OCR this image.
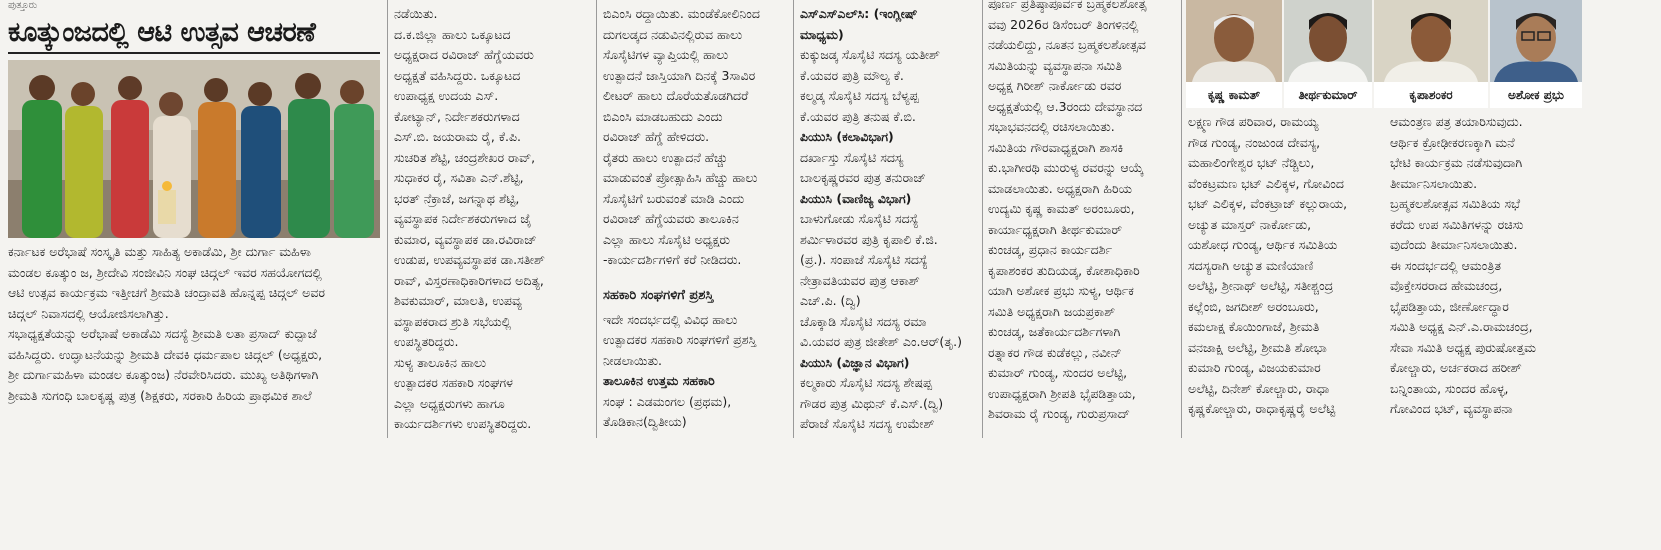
ಪುತ್ತೂರು
ಕೂತ್ಕುಂಜದಲ್ಲಿ ಆಟಿ ಉತ್ಸವ ಆಚರಣೆ

ಕರ್ನಾಟಕ ಅರೆಭಾಷೆ ಸಂಸ್ಕೃತಿ ಮತ್ತು ಸಾಹಿತ್ಯ ಅಕಾಡೆಮಿ, ಶ್ರೀ ದುರ್ಗಾ ಮಹಿಳಾ

ಮಂಡಲ ಕೂತ್ಕುಂ ಜ, ಶ್ರೀದೇವಿ ಸಂಜೀವಿನಿ ಸಂಘ ಚಿದ್ಗಲ್ ಇವರ ಸಹಯೋಗದಲ್ಲಿ

ಆಟಿ ಉತ್ಸವ ಕಾರ್ಯಕ್ರಮ ಇತ್ತೀಚಗೆ ಶ್ರೀಮತಿ ಚಂದ್ರಾವತಿ ಹೊನ್ನಪ್ಪ ಚಿದ್ಗಲ್ ಅವರ

ಚಿದ್ಗಲ್ ನಿವಾಸದಲ್ಲಿ ಆಯೋಜಿಸಲಾಗಿತ್ತು.

ಸಭಾಧ್ಯಕ್ಷತೆಯನ್ನು ಅರೆಭಾಷೆ ಅಕಾಡೆಮಿ ಸದಸ್ಯೆ ಶ್ರೀಮತಿ ಲತಾ ಪ್ರಸಾದ್ ಕುದ್ಪಾಜೆ

ವಹಿಸಿದ್ದರು. ಉದ್ಘಾಟನೆಯನ್ನು ಶ್ರೀಮತಿ ದೇವಕಿ ಧರ್ಮಪಾಲ ಚಿದ್ಗಲ್ (ಅಧ್ಯಕ್ಷರು,

ಶ್ರೀ ದುರ್ಗಾಮಹಿಳಾ ಮಂಡಲ ಕೂತ್ಕುಂಜ) ನೆರವೇರಿಸಿದರು. ಮುಖ್ಯ ಅತಿಥಿಗಳಾಗಿ

ಶ್ರೀಮತಿ ಸುಗಂಧಿ ಬಾಲಕೃಷ್ಣ ಪುತ್ರ (ಶಿಕ್ಷಕರು, ಸರಕಾರಿ ಹಿರಿಯ ಪ್ರಾಥಮಿಕ ಶಾಲೆ

ನಡೆಯಿತು.

ದ.ಕ.ಜಿಲ್ಲಾ ಹಾಲು ಒಕ್ಕೂಟದ

ಅಧ್ಯಕ್ಷರಾದ ರವಿರಾಜ್ ಹೆಗ್ಡೆಯವರು

ಅಧ್ಯಕ್ಷತೆ ವಹಿಸಿದ್ದರು. ಒಕ್ಕೂಟದ

ಉಪಾಧ್ಯಕ್ಷ ಉದಯ ಎಸ್.

ಕೋಟ್ಯಾನ್, ನಿರ್ದೇಶಕರುಗಳಾದ

ಎಸ್.ಬಿ. ಜಯರಾಮ ರೈ, ಕೆ.ಪಿ.

ಸುಚರಿತ ಶೆಟ್ಟಿ, ಚಂದ್ರಶೇಖರ ರಾವ್,

ಸುಧಾಕರ ರೈ, ಸವಿತಾ ಎನ್.ಶೆಟ್ಟಿ,

ಭರತ್ ನೆಕ್ರಾಜೆ, ಜಗನ್ನಾಥ ಶೆಟ್ಟಿ,

ವ್ಯವಸ್ಥಾಪಕ ನಿರ್ದೇಶಕರುಗಳಾದ ಜೈ

ಕುಮಾರ, ವ್ಯವಸ್ಥಾಪಕ ಡಾ.ರವಿರಾಜ್

ಉಡುಪ, ಉಪವ್ಯವಸ್ಥಾಪಕ ಡಾ.ಸತೀಶ್

ರಾವ್, ವಿಸ್ತರಣಾಧಿಕಾರಿಗಳಾದ ಅದಿತ್ಯ,

ಶಿವಕುಮಾರ್, ಮಾಲತಿ, ಉಪವ್ಯ

ವಸ್ಥಾಪಕರಾದ ಶ್ರುತಿ ಸಭೆಯಲ್ಲಿ

ಉಪಸ್ಥಿತರಿದ್ದರು.

ಸುಳ್ಯ ತಾಲೂಕಿನ ಹಾಲು

ಉತ್ಪಾದಕರ ಸಹಕಾರಿ ಸಂಘಗಳ

ಎಲ್ಲಾ ಅಧ್ಯಕ್ಷರುಗಳು ಹಾಗೂ

ಕಾರ್ಯದರ್ಶಿಗಳು ಉಪಸ್ಥಿತರಿದ್ದರು.

ಬಿಎಂಸಿ ರದ್ದಾಯಿತು. ಮಂಡೆಕೋಲಿನಿಂದ

ದುಗಲಡ್ಕದ ನಡುವಿನಲ್ಲಿರುವ ಹಾಲು

ಸೊಸೈಟಿಗಳ ವ್ಯಾಪ್ತಿಯಲ್ಲಿ ಹಾಲು

ಉತ್ಪಾದನೆ ಜಾಸ್ತಿಯಾಗಿ ದಿನಕ್ಕೆ 3ಸಾವಿರ

ಲೀಟರ್ ಹಾಲು ದೊರೆಯತೊಡಗಿದರೆ

ಬಿಎಂಸಿ ಮಾಡಬಹುದು ಎಂದು

ರವಿರಾಜ್ ಹೆಗ್ಡೆ ಹೇಳಿದರು.

ರೈತರು ಹಾಲು ಉತ್ಪಾದನೆ ಹೆಚ್ಚು

ಮಾಡುವಂತೆ ಪ್ರೋತ್ಸಾಹಿಸಿ ಹೆಚ್ಚು ಹಾಲು

ಸೊಸೈಟಿಗೆ ಬರುವಂತೆ ಮಾಡಿ ಎಂದು

ರವಿರಾಜ್ ಹೆಗ್ಡೆಯವರು ತಾಲೂಕಿನ

ಎಲ್ಲಾ ಹಾಲು ಸೊಸೈಟಿ ಅಧ್ಯಕ್ಷರು

-ಕಾರ್ಯದರ್ಶಿಗಳಿಗೆ ಕರೆ ನೀಡಿದರು.

ಸಹಕಾರಿ ಸಂಘಗಳಿಗೆ ಪ್ರಶಸ್ತಿ

ಇದೇ ಸಂದರ್ಭದಲ್ಲಿ ವಿವಿಧ ಹಾಲು

ಉತ್ಪಾದಕರ ಸಹಕಾರಿ ಸಂಘಗಳಿಗೆ ಪ್ರಶಸ್ತಿ

ನೀಡಲಾಯಿತು.

ತಾಲೂಕಿನ ಉತ್ತಮ ಸಹಕಾರಿ

ಸಂಘ : ಎಡಮಂಗಲ (ಪ್ರಥಮ),

ತೊಡಿಕಾನ(ದ್ವಿತೀಯ)

ಎಸ್‌ಎಸ್‌ಎಲ್‌ಸಿ: (ಇಂಗ್ಲೀಷ್

ಮಾಧ್ಯಮ)

ಕುಕ್ಕುಜಡ್ಕ ಸೊಸೈಟಿ ಸದಸ್ಯ ಯತೀಶ್

ಕೆ.ಯವರ ಪುತ್ರಿ ಮೌಲ್ಯ ಕೆ.

ಕಲ್ಮಡ್ಕ ಸೊಸೈಟಿ ಸದಸ್ಯ ಬೆಳ್ಯಪ್ಪ

ಕೆ.ಯವರ ಪುತ್ರಿ ತನುಷ ಕೆ.ಬಿ.

ಪಿಯುಸಿ (ಕಲಾವಿಭಾಗ)

ದರ್ಖಾಸ್ತು ಸೊಸೈಟಿ ಸದಸ್ಯ

ಬಾಲಕೃಷ್ಣರವರ ಪುತ್ರ ತನುರಾಜ್

ಪಿಯುಸಿ (ವಾಣಿಜ್ಯ ವಿಭಾಗ)

ಬಾಳುಗೋಡು ಸೊಸೈಟಿ ಸದಸ್ಯೆ

ಶರ್ಮಿಳಾರವರ ಪುತ್ರಿ ಕೃಪಾಲಿ ಕೆ.ಜಿ.

(ಪ್ರ.). ಸಂಪಾಜೆ ಸೊಸೈಟಿ ಸದಸ್ಯೆ

ನೇತ್ರಾವತಿಯವರ ಪುತ್ರ ಆಕಾಶ್

ಎಚ್.ಪಿ. (ದ್ವಿ)

ಚೊಕ್ಕಾಡಿ ಸೊಸೈಟಿ ಸದಸ್ಯ ರಮಾ

ವಿ.ಯವರ ಪುತ್ರ ಜೀತೇಶ್ ಎಂ.ಆರ್(ತೃ.)

ಪಿಯುಸಿ (ವಿಜ್ಞಾನ ವಿಭಾಗ)

ಕಲ್ಮಕಾರು ಸೊಸೈಟಿ ಸದಸ್ಯ ಶೇಷಪ್ಪ

ಗೌಡರ ಪುತ್ರ ಮಿಥುನ್ ಕೆ.ಎಸ್.(ದ್ವಿ)

ಪೆರಾಜೆ ಸೊಸೈಟಿ ಸದಸ್ಯ ಉಮೇಶ್

ಪೂರ್ಣ ಪ್ರತಿಷ್ಠಾಪೂರ್ವಕ ಬ್ರಹ್ಮಕಲಶೋತ್ಸ

ವವು 2026ರ ಡಿಸೆಂಬರ್ ತಿಂಗಳಿನಲ್ಲಿ

ನಡೆಯಲಿದ್ದು, ನೂತನ ಬ್ರಹ್ಮಕಲಶೋತ್ಸವ

ಸಮಿತಿಯನ್ನು ವ್ಯವಸ್ಥಾಪನಾ ಸಮಿತಿ

ಅಧ್ಯಕ್ಷ ಗಿರೀಶ್ ನಾರ್ಕೋಡು ರವರ

ಅಧ್ಯಕ್ಷತೆಯಲ್ಲಿ ಆ.3ರಂದು ದೇವಸ್ಥಾನದ

ಸಭಾಭವನದಲ್ಲಿ ರಚಿಸಲಾಯಿತು.

ಸಮಿತಿಯ ಗೌರವಾಧ್ಯಕ್ಷರಾಗಿ ಶಾಸಕಿ

ಕು.ಭಾಗೀರಥಿ ಮುರುಳ್ಯ ರವರನ್ನು ಆಯ್ಕೆ

ಮಾಡಲಾಯಿತು. ಅಧ್ಯಕ್ಷರಾಗಿ ಹಿರಿಯ

ಉದ್ಯಮಿ ಕೃಷ್ಣ ಕಾಮತ್ ಅರಂಬೂರು,

ಕಾರ್ಯಾಧ್ಯಕ್ಷರಾಗಿ ತೀರ್ಥಕುಮಾರ್

ಕುಂಚಡ್ಕ, ಪ್ರಧಾನ ಕಾರ್ಯದರ್ಶಿ

ಕೃಪಾಶಂಕರ ತುದಿಯಡ್ಕ, ಕೋಶಾಧಿಕಾರಿ

ಯಾಗಿ ಅಶೋಕ ಪ್ರಭು ಸುಳ್ಯ, ಆರ್ಥಿಕ

ಸಮಿತಿ ಅಧ್ಯಕ್ಷರಾಗಿ ಜಯಪ್ರಕಾಶ್

ಕುಂಚಡ್ಕ, ಜತೆಕಾರ್ಯದರ್ಶಿಗಳಾಗಿ

ರತ್ನಾಕರ ಗೌಡ ಕುಡೆಕಲ್ಲು, ನವೀನ್

ಕುಮಾರ್ ಗುಂಡ್ಯ, ಸುಂದರ ಅಲೆಟ್ಟಿ,

ಉಪಾಧ್ಯಕ್ಷರಾಗಿ ಶ್ರೀಪತಿ ಭೈಪಡಿತ್ತಾಯ,

ಶಿವರಾಮ ರೈ ಗುಂಡ್ಯ, ಗುರುಪ್ರಸಾದ್

ಕೃಷ್ಣ ಕಾಮತ್	ತೀರ್ಥಕುಮಾರ್	ಕೃಪಾಶಂಕರ	ಅಶೋಕ ಪ್ರಭು

ಲಕ್ಷ್ಮಣ ಗೌಡ ಪರಿವಾರ, ರಾಮಯ್ಯ

ಗೌಡ ಗುಂಡ್ಯ, ನಂಜುಂಡ ದೇವಸ್ಯ,

ಮಹಾಲಿಂಗೇಶ್ವರ ಭಟ್ ನೆಡ್ಚಿಲು,

ವೆಂಕಟ್ರಮಣ ಭಟ್ ಎಲಿಕ್ಕಳ, ಗೋವಿಂದ

ಭಟ್ ಎಲಿಕ್ಕಳ, ವೆಂಕಟ್ರಾಜ್ ಕಲ್ಲುರಾಯ,

ಅಚ್ಯುತ ಮಾಸ್ತರ್ ನಾರ್ಕೋಡು,

ಯಶೋಧ ಗುಂಡ್ಯ, ಆರ್ಥಿಕ ಸಮಿತಿಯ

ಸದಸ್ಯರಾಗಿ ಅಚ್ಯುತ ಮಣಿಯಾಣಿ

ಅಲೆಟ್ಟಿ, ಶ್ರೀನಾಥ್ ಅಲೆಟ್ಟಿ, ಸತೀಶ್ಚಂದ್ರ

ಕಲ್ಲೆಂಬಿ, ಜಗದೀಶ್ ಅರಂಬೂರು,

ಕಮಲಾಕ್ಷ ಕೊಯಿಂಗಾಜೆ, ಶ್ರೀಮತಿ

ವನಜಾಕ್ಷಿ ಅಲೆಟ್ಟಿ, ಶ್ರೀಮತಿ ಶೋಭಾ

ಕುಮಾರಿ ಗುಂಡ್ಯ, ವಿಜಯಕುಮಾರ

ಅಲೆಟ್ಟಿ, ದಿನೇಶ್ ಕೋಲ್ಚಾರು, ರಾಧಾ

ಕೃಷ್ಣಕೋಲ್ಚಾರು, ರಾಧಾಕೃಷ್ಣರೈ ಅಲೆಟ್ಟಿ

ಆಮಂತ್ರಣ ಪತ್ರ ತಯಾರಿಸುವುದು.

ಆರ್ಥಿಕ ಕ್ರೋಢೀಕರಣಕ್ಕಾಗಿ ಮನೆ

ಭೇಟಿ ಕಾರ್ಯಕ್ರಮ ನಡೆಸುವುದಾಗಿ

ತೀರ್ಮಾನಿಸಲಾಯಿತು.

ಬ್ರಹ್ಮಕಲಶೋತ್ಸವ ಸಮಿತಿಯ ಸಭೆ

ಕರೆದು ಉಪ ಸಮಿತಿಗಳನ್ನು ರಚಿಸು

ವುದೆಂದು ತೀರ್ಮಾನಿಸಲಾಯಿತು.

ಈ ಸಂದರ್ಭದಲ್ಲಿ ಆಮಂತ್ರಿತ

ವೊಕ್ತೇಸರರಾದ ಹೇಮಚಂದ್ರ,

ಭೈಪಡಿತ್ತಾಯ, ಜೀರ್ಣೋದ್ಧಾರ

ಸಮಿತಿ ಅಧ್ಯಕ್ಷ ಎನ್.ಎ.ರಾಮಚಂದ್ರ,

ಸೇವಾ ಸಮಿತಿ ಅಧ್ಯಕ್ಷ ಪುರುಷೋತ್ತಮ

ಕೋಲ್ಚಾರು, ಅರ್ಚಕರಾದ ಹರೀಶ್

ಬನ್ನಿಂತಾಯ, ಸುಂದರ ಹೊಳ್ಳ,

ಗೋವಿಂದ ಭಟ್, ವ್ಯವಸ್ಥಾಪನಾ
